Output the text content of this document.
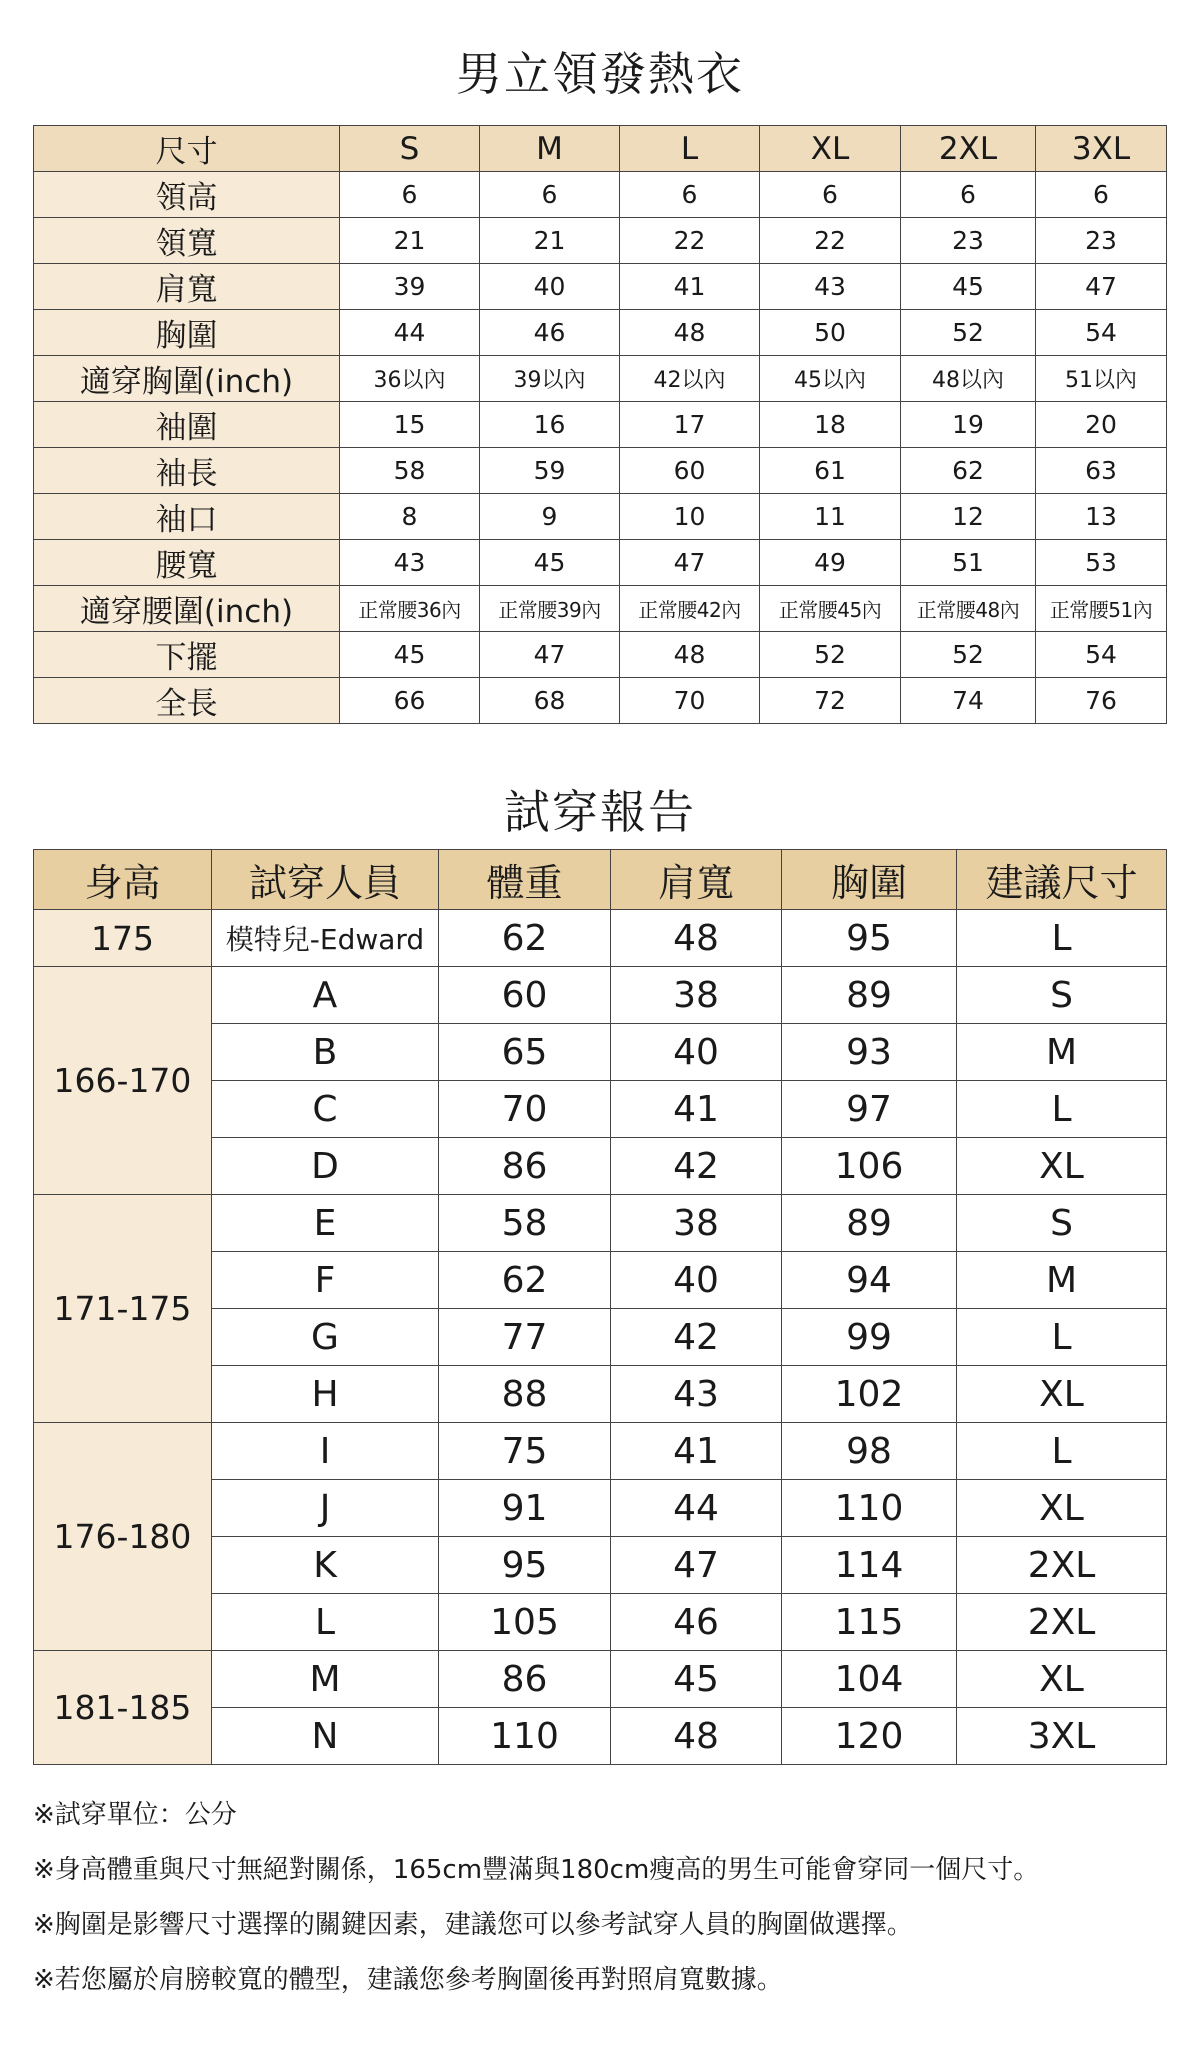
男立領發熱衣
尺寸	S	M	L	XL	2XL	3XL
領高	6	6	6	6	6	6
領寬	21	21	22	22	23	23
肩寬	39	40	41	43	45	47
胸圍	44	46	48	50	52	54
適穿胸圍(inch)	36以內	39以內	42以內	45以內	48以內	51以內
袖圍	15	16	17	18	19	20
袖長	58	59	60	61	62	63
袖口	8	9	10	11	12	13
腰寬	43	45	47	49	51	53
適穿腰圍(inch)	正常腰36內	正常腰39內	正常腰42內	正常腰45內	正常腰48內	正常腰51內
下擺	45	47	48	52	52	54
全長	66	68	70	72	74	76
試穿報告
身高	試穿人員	體重	肩寬	胸圍	建議尺寸
175	模特兒-Edward	62	48	95	L
166-170	A	60	38	89	S
	B	65	40	93	M
	C	70	41	97	L
	D	86	42	106	XL
171-175	E	58	38	89	S
	F	62	40	94	M
	G	77	42	99	L
	H	88	43	102	XL
176-180	I	75	41	98	L
	J	91	44	110	XL
	K	95	47	114	2XL
	L	105	46	115	2XL
181-185	M	86	45	104	XL
	N	110	48	120	3XL
※試穿單位：公分
※身高體重與尺寸無絕對關係，165cm豐滿與180cm瘦高的男生可能會穿同一個尺寸。
※胸圍是影響尺寸選擇的關鍵因素，建議您可以參考試穿人員的胸圍做選擇。
※若您屬於肩膀較寬的體型，建議您參考胸圍後再對照肩寬數據。
